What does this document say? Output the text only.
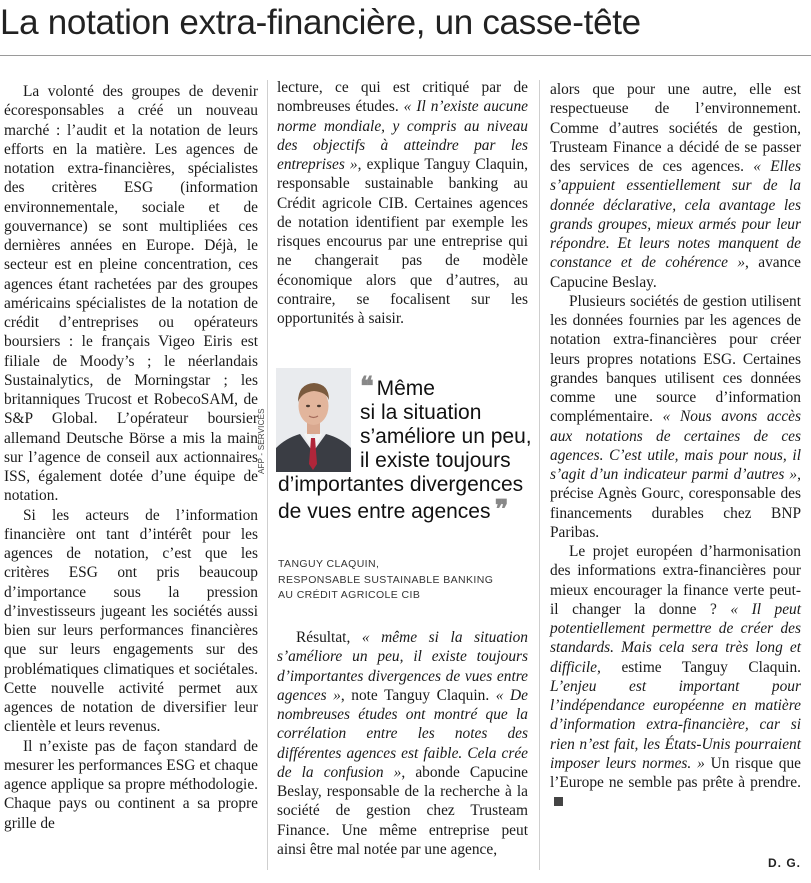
La notation extra-financière, un casse-tête

La volonté des groupes de devenir écoresponsables a créé un nouveau marché : l’audit et la notation de leurs efforts en la matière. Les agences de notation extra-financières, spécialistes des critères ESG (information environnementale, sociale et de gouvernance) se sont multipliées ces dernières années en Europe. Déjà, le secteur est en pleine concentration, ces agences étant rachetées par des groupes américains spécialistes de la notation de crédit d’entreprises ou opérateurs boursiers : le français Vigeo Eiris est filiale de Moody’s ; le néerlandais Sustainalytics, de Morningstar ; les britanniques Trucost et RobecoSAM, de S&P Global. L’opérateur boursier allemand Deutsche Börse a mis la main sur l’agence de conseil aux actionnaires ISS, également dotée d’une équipe de notation.

Si les acteurs de l’information financière ont tant d’intérêt pour les agences de notation, c’est que les critères ESG ont pris beaucoup d’importance sous la pression d’investisseurs jugeant les sociétés aussi bien sur leurs performances financières que sur leurs engagements sur des problématiques climatiques et sociétales. Cette nouvelle activité permet aux agences de notation de diversifier leur clientèle et leurs revenus.

Il n’existe pas de façon standard de mesurer les performances ESG et chaque agence applique sa propre méthodologie. Chaque pays ou continent a sa propre grille de

lecture, ce qui est critiqué par de nombreuses études. « Il n’existe aucune norme mondiale, y compris au niveau des objectifs à atteindre par les entreprises », explique Tanguy Claquin, responsable sustainable banking au Crédit agricole CIB. Certaines agences de notation identifient par exemple les risques encourus par une entreprise qui ne changerait pas de modèle économique alors que d’autres, au contraire, se focalisent sur les opportunités à saisir.

AFP - SERVICES
❛❛ Même
si la situation s’améliore un peu, il existe toujours d’importantes divergences de vues entre agences ❜❜
TANGUY CLAQUIN,
RESPONSABLE SUSTAINABLE BANKING
AU CRÉDIT AGRICOLE CIB

Résultat, « même si la situation s’améliore un peu, il existe toujours d’importantes divergences de vues entre agences », note Tanguy Claquin. « De nombreuses études ont montré que la corrélation entre les notes des différentes agences est faible. Cela crée de la confusion », abonde Capucine Beslay, responsable de la recherche à la société de gestion chez Trusteam Finance. Une même entreprise peut ainsi être mal notée par une agence,

alors que pour une autre, elle est respectueuse de l’environnement. Comme d’autres sociétés de gestion, Trusteam Finance a décidé de se passer des services de ces agences. « Elles s’appuient essentiellement sur de la donnée déclarative, cela avantage les grands groupes, mieux armés pour leur répondre. Et leurs notes manquent de constance et de cohérence », avance Capucine Beslay.

Plusieurs sociétés de gestion utilisent les données fournies par les agences de notation extra-financières pour créer leurs propres notations ESG. Certaines grandes banques utilisent ces données comme une source d’information complémentaire. « Nous avons accès aux notations de certaines de ces agences. C’est utile, mais pour nous, il s’agit d’un indicateur parmi d’autres », précise Agnès Gourc, coresponsable des financements durables chez BNP Paribas.

Le projet européen d’harmonisation des informations extra-financières pour mieux encourager la finance verte peut-il changer la donne ? « Il peut potentiellement permettre de créer des standards. Mais cela sera très long et difficile, estime Tanguy Claquin. L’enjeu est important pour l’indépendance européenne en matière d’information extra-financière, car si rien n’est fait, les États-Unis pourraient imposer leurs normes. » Un risque que l’Europe ne semble pas prête à prendre.

D. G.
